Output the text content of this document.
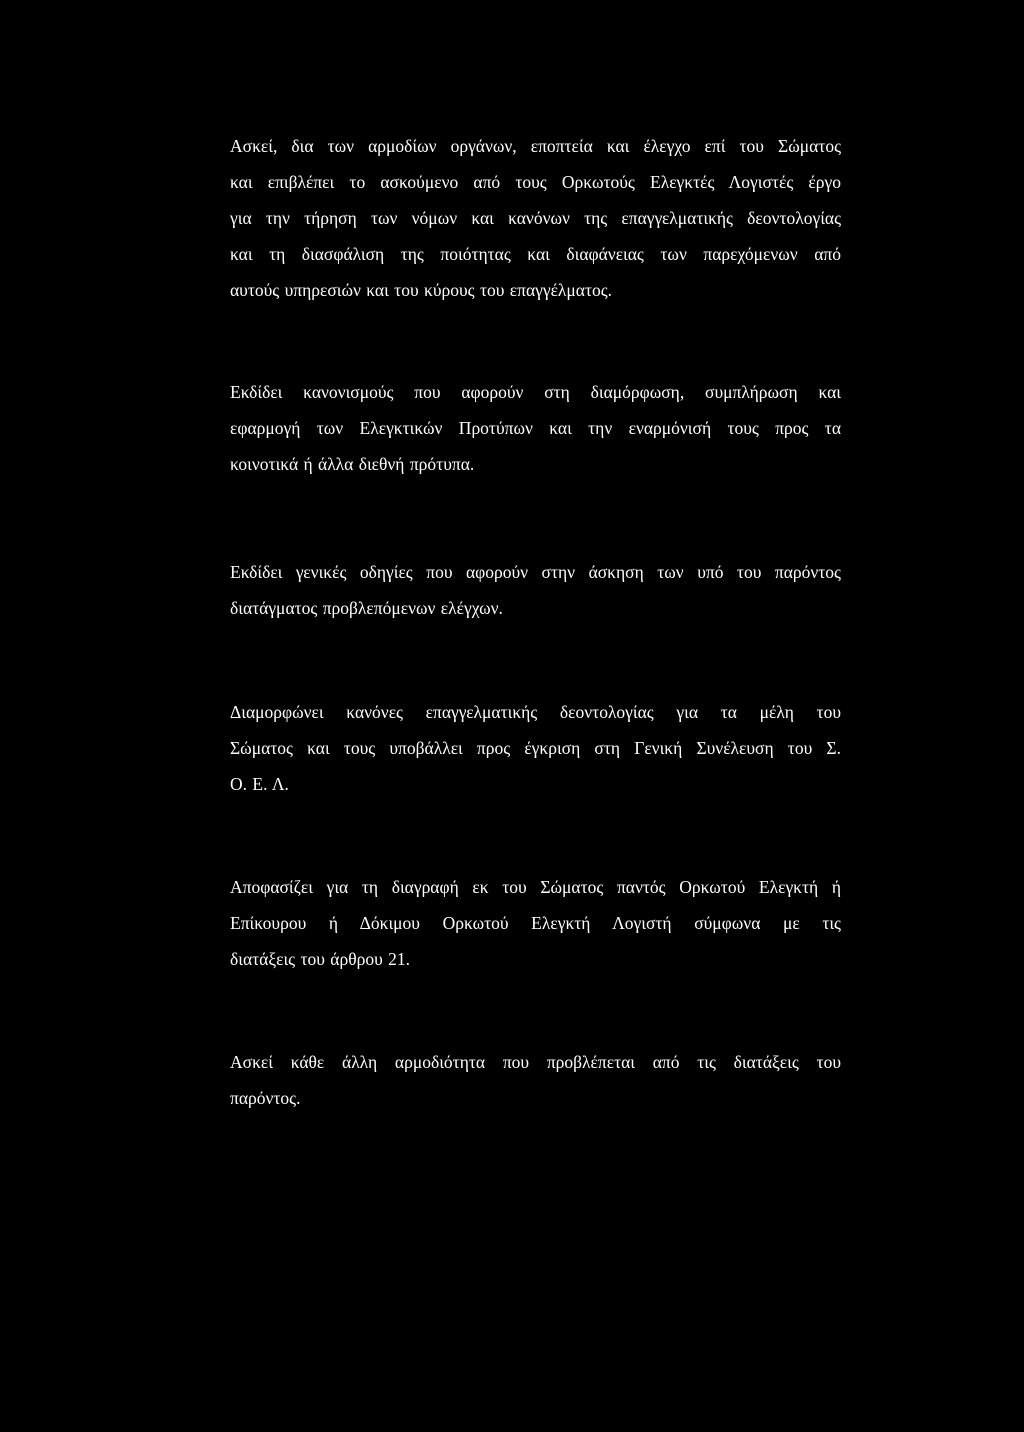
Ασκεί, δια των αρμοδίων οργάνων, εποπτεία και έλεγχο επί του Σώματος
και επιβλέπει το ασκούμενο από τους Ορκωτούς Ελεγκτές Λογιστές έργο
για την τήρηση των νόμων και κανόνων της επαγγελματικής δεοντολογίας
και τη διασφάλιση της ποιότητας και διαφάνειας των παρεχόμενων από
αυτούς υπηρεσιών και του κύρους του επαγγέλματος.

Εκδίδει κανονισμούς που αφορούν στη διαμόρφωση, συμπλήρωση και
εφαρμογή των Ελεγκτικών Προτύπων και την εναρμόνισή τους προς τα
κοινοτικά ή άλλα διεθνή πρότυπα.

Εκδίδει γενικές οδηγίες που αφορούν στην άσκηση των υπό του παρόντος
διατάγματος προβλεπόμενων ελέγχων.

Διαμορφώνει κανόνες επαγγελματικής δεοντολογίας για τα μέλη του
Σώματος και τους υποβάλλει προς έγκριση στη Γενική Συνέλευση του Σ.
Ο. Ε. Λ.

Αποφασίζει για τη διαγραφή εκ του Σώματος παντός Ορκωτού Ελεγκτή ή
Επίκουρου ή Δόκιμου Ορκωτού Ελεγκτή Λογιστή σύμφωνα με τις
διατάξεις του άρθρου 21.

Ασκεί κάθε άλλη αρμοδιότητα που προβλέπεται από τις διατάξεις του
παρόντος.
